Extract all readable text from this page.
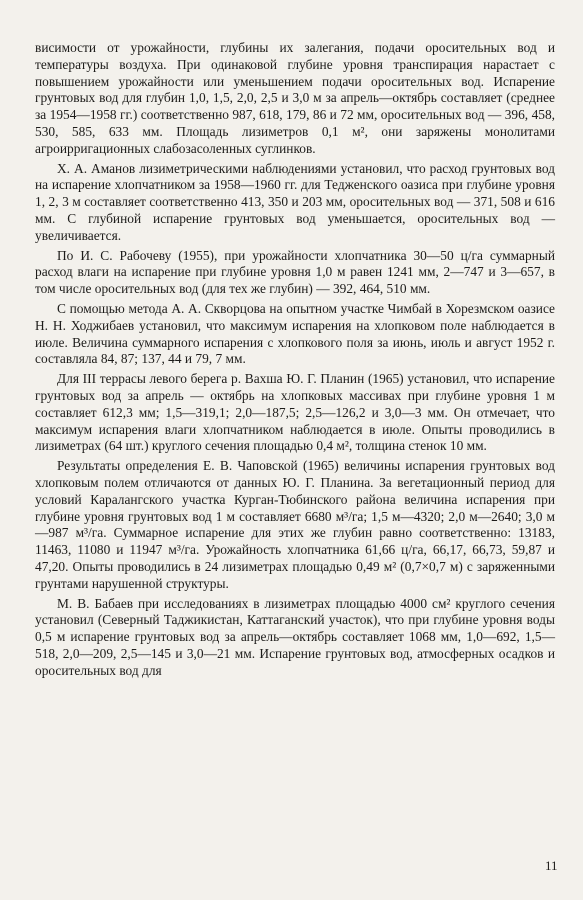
висимости от урожайности, глубины их залегания, подачи оросительных вод и температуры воздуха. При одинаковой глубине уровня транспирация нарастает с повышением урожайности или уменьшением подачи оросительных вод. Испарение грунтовых вод для глубин 1,0, 1,5, 2,0, 2,5 и 3,0 м за апрель—октябрь составляет (среднее за 1954—1958 гг.) соответственно 987, 618, 179, 86 и 72 мм, оросительных вод — 396, 458, 530, 585, 633 мм. Площадь лизиметров 0,1 м², они заряжены монолитами агроирригационных слабозасоленных суглинков.

X. А. Аманов лизиметрическими наблюдениями установил, что расход грунтовых вод на испарение хлопчатником за 1958—1960 гг. для Тедженского оазиса при глубине уровня 1, 2, 3 м составляет соответственно 413, 350 и 203 мм, оросительных вод — 371, 508 и 616 мм. С глубиной испарение грунтовых вод уменьшается, оросительных вод — увеличивается.

По И. С. Рабочеву (1955), при урожайности хлопчатника 30—50 ц/га суммарный расход влаги на испарение при глубине уровня 1,0 м равен 1241 мм, 2—747 и 3—657, в том числе оросительных вод (для тех же глубин) — 392, 464, 510 мм.

С помощью метода А. А. Скворцова на опытном участке Чимбай в Хорезмском оазисе Н. Н. Ходжибаев установил, что максимум испарения на хлопковом поле наблюдается в июле. Величина суммарного испарения с хлопкового поля за июнь, июль и август 1952 г. составляла 84, 87; 137, 44 и 79, 7 мм.

Для III террасы левого берега р. Вахша Ю. Г. Планин (1965) установил, что испарение грунтовых вод за апрель — октябрь на хлопковых массивах при глубине уровня 1 м составляет 612,3 мм; 1,5—319,1; 2,0—187,5; 2,5—126,2 и 3,0—3 мм. Он отмечает, что максимум испарения влаги хлопчатником наблюдается в июле. Опыты проводились в лизиметрах (64 шт.) круглого сечения площадью 0,4 м², толщина стенок 10 мм.

Результаты определения Е. В. Чаповской (1965) величины испарения грунтовых вод хлопковым полем отличаются от данных Ю. Г. Планина. За вегетационный период для условий Каралангского участка Курган-Тюбинского района величина испарения при глубине уровня грунтовых вод 1 м составляет 6680 м³/га; 1,5 м—4320; 2,0 м—2640; 3,0 м—987 м³/га. Суммарное испарение для этих же глубин равно соответственно: 13183, 11463, 11080 и 11947 м³/га. Урожайность хлопчатника 61,66 ц/га, 66,17, 66,73, 59,87 и 47,20. Опыты проводились в 24 лизиметрах площадью 0,49 м² (0,7×0,7 м) с заряженными грунтами нарушенной структуры.

М. В. Бабаев при исследованиях в лизиметрах площадью 4000 см² круглого сечения установил (Северный Таджикистан, Каттаганский участок), что при глубине уровня воды 0,5 м испарение грунтовых вод за апрель—октябрь составляет 1068 мм, 1,0—692, 1,5—518, 2,0—209, 2,5—145 и 3,0—21 мм. Испарение грунтовых вод, атмосферных осадков и оросительных вод для

11
